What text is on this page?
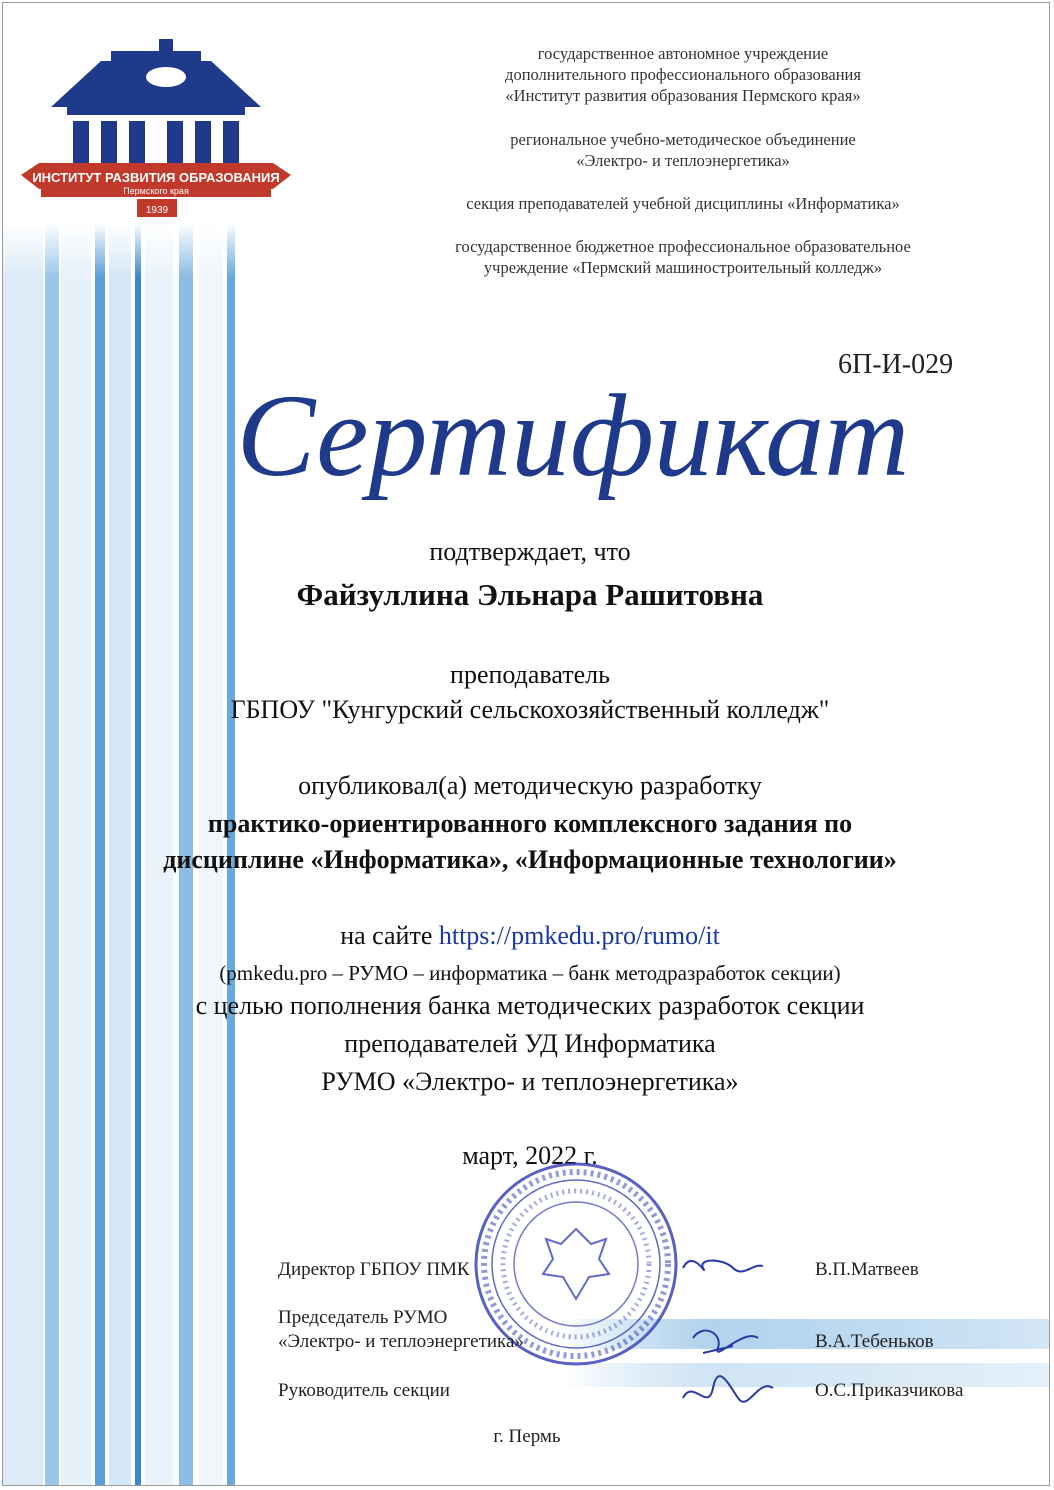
ИНСТИТУТ РАЗВИТИЯ ОБРАЗОВАНИЯ
Пермского края
1939
государственное автономное учреждение
дополнительного профессионального образования
«Институт развития образования Пермского края»
региональное учебно-методическое объединение
«Электро- и теплоэнергетика»
секция преподавателей учебной дисциплины «Информатика»
государственное бюджетное профессиональное образовательное
учреждение «Пермский машиностроительный колледж»
6П-И-029
Сертификат
подтверждает, что
Файзуллина Эльнара Рашитовна
преподаватель
ГБПОУ "Кунгурский сельскохозяйственный колледж"
опубликовал(а) методическую разработку
практико-ориентированного комплексного задания по
дисциплине «Информатика», «Информационные технологии»
на сайте https://pmkedu.pro/rumo/it
(pmkedu.pro – РУМО – информатика – банк методразработок секции)
с целью пополнения банка методических разработок секции
преподавателей УД Информатика
РУМО «Электро- и теплоэнергетика»
март, 2022 г.
Директор ГБПОУ ПМК	В.П.Матвеев
Председатель РУМО
«Электро- и теплоэнергетика»	В.А.Тебеньков
Руководитель секции	О.С.Приказчикова
г. Пермь
